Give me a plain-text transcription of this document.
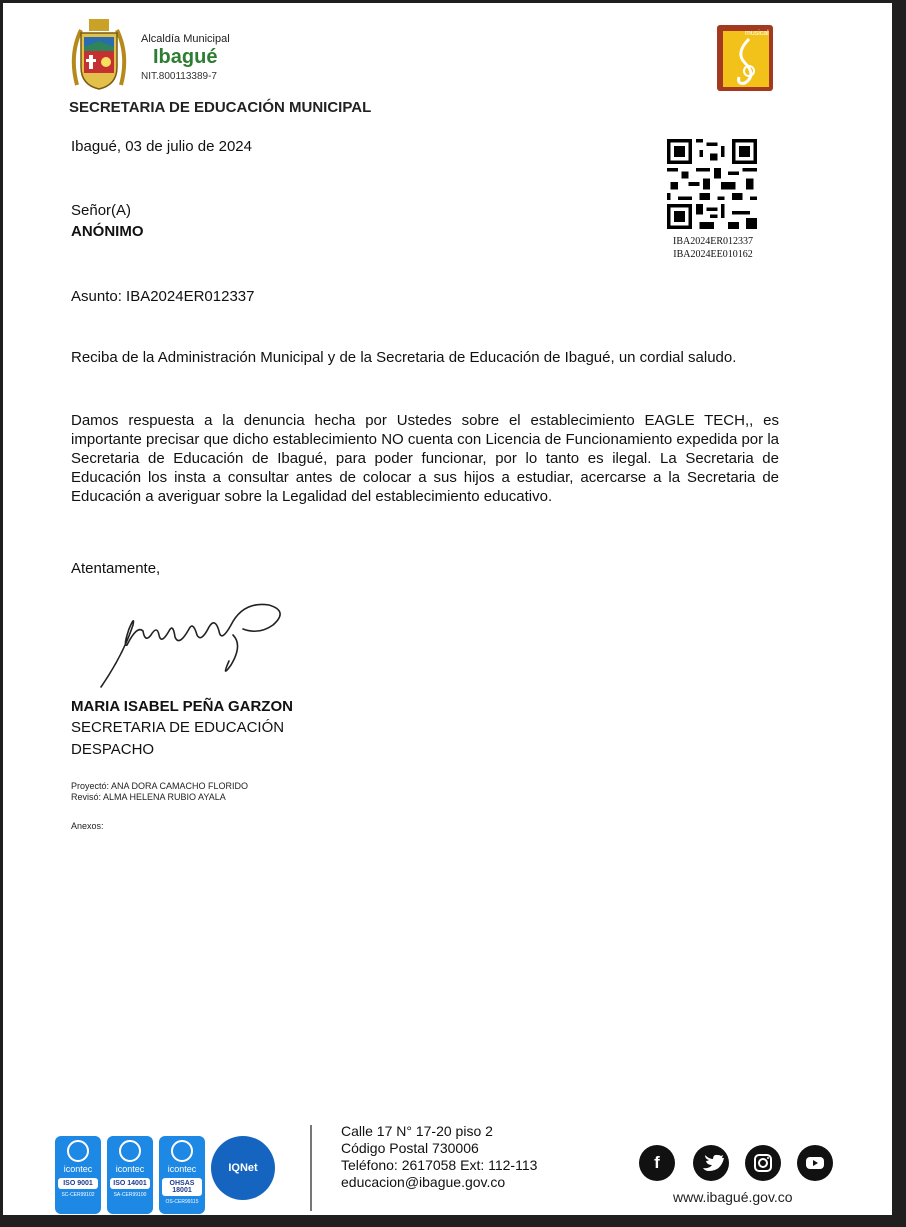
Alcaldía Municipal
Ibagué
NIT.800113389-7
SECRETARIA DE EDUCACIÓN MUNICIPAL
musical
Ibagué, 03 de julio de 2024
Señor(A)
ANÓNIMO
IBA2024ER012337
IBA2024EE010162
Asunto: IBA2024ER012337
Reciba de la Administración Municipal y de la Secretaria de Educación de Ibagué, un cordial saludo.
Damos respuesta a la denuncia hecha por Ustedes sobre el establecimiento EAGLE TECH,, es importante precisar que dicho establecimiento NO cuenta con Licencia de Funcionamiento expedida por la Secretaria de Educación de Ibagué, para poder funcionar, por lo tanto es ilegal. La Secretaria de Educación los insta a consultar antes de colocar a sus hijos a estudiar, acercarse a la Secretaria de Educación a averiguar sobre la Legalidad del establecimiento educativo.
Atentamente,
MARIA ISABEL PEÑA GARZON
SECRETARIA DE EDUCACIÓN
DESPACHO
Proyectó: ANA DORA CAMACHO FLORIDO
Revisó: ALMA HELENA RUBIO AYALA
Anexos:
icontec
ISO 9001
SC-CER99102
icontec
ISO 14001
SA-CER99100
icontec
OHSAS 18001
OS-CER99115
IQNet
Calle 17 N° 17-20 piso 2
Código Postal 730006
Teléfono: 2617058 Ext: 112-113
educacion@ibague.gov.co
f
www.ibagué.gov.co
